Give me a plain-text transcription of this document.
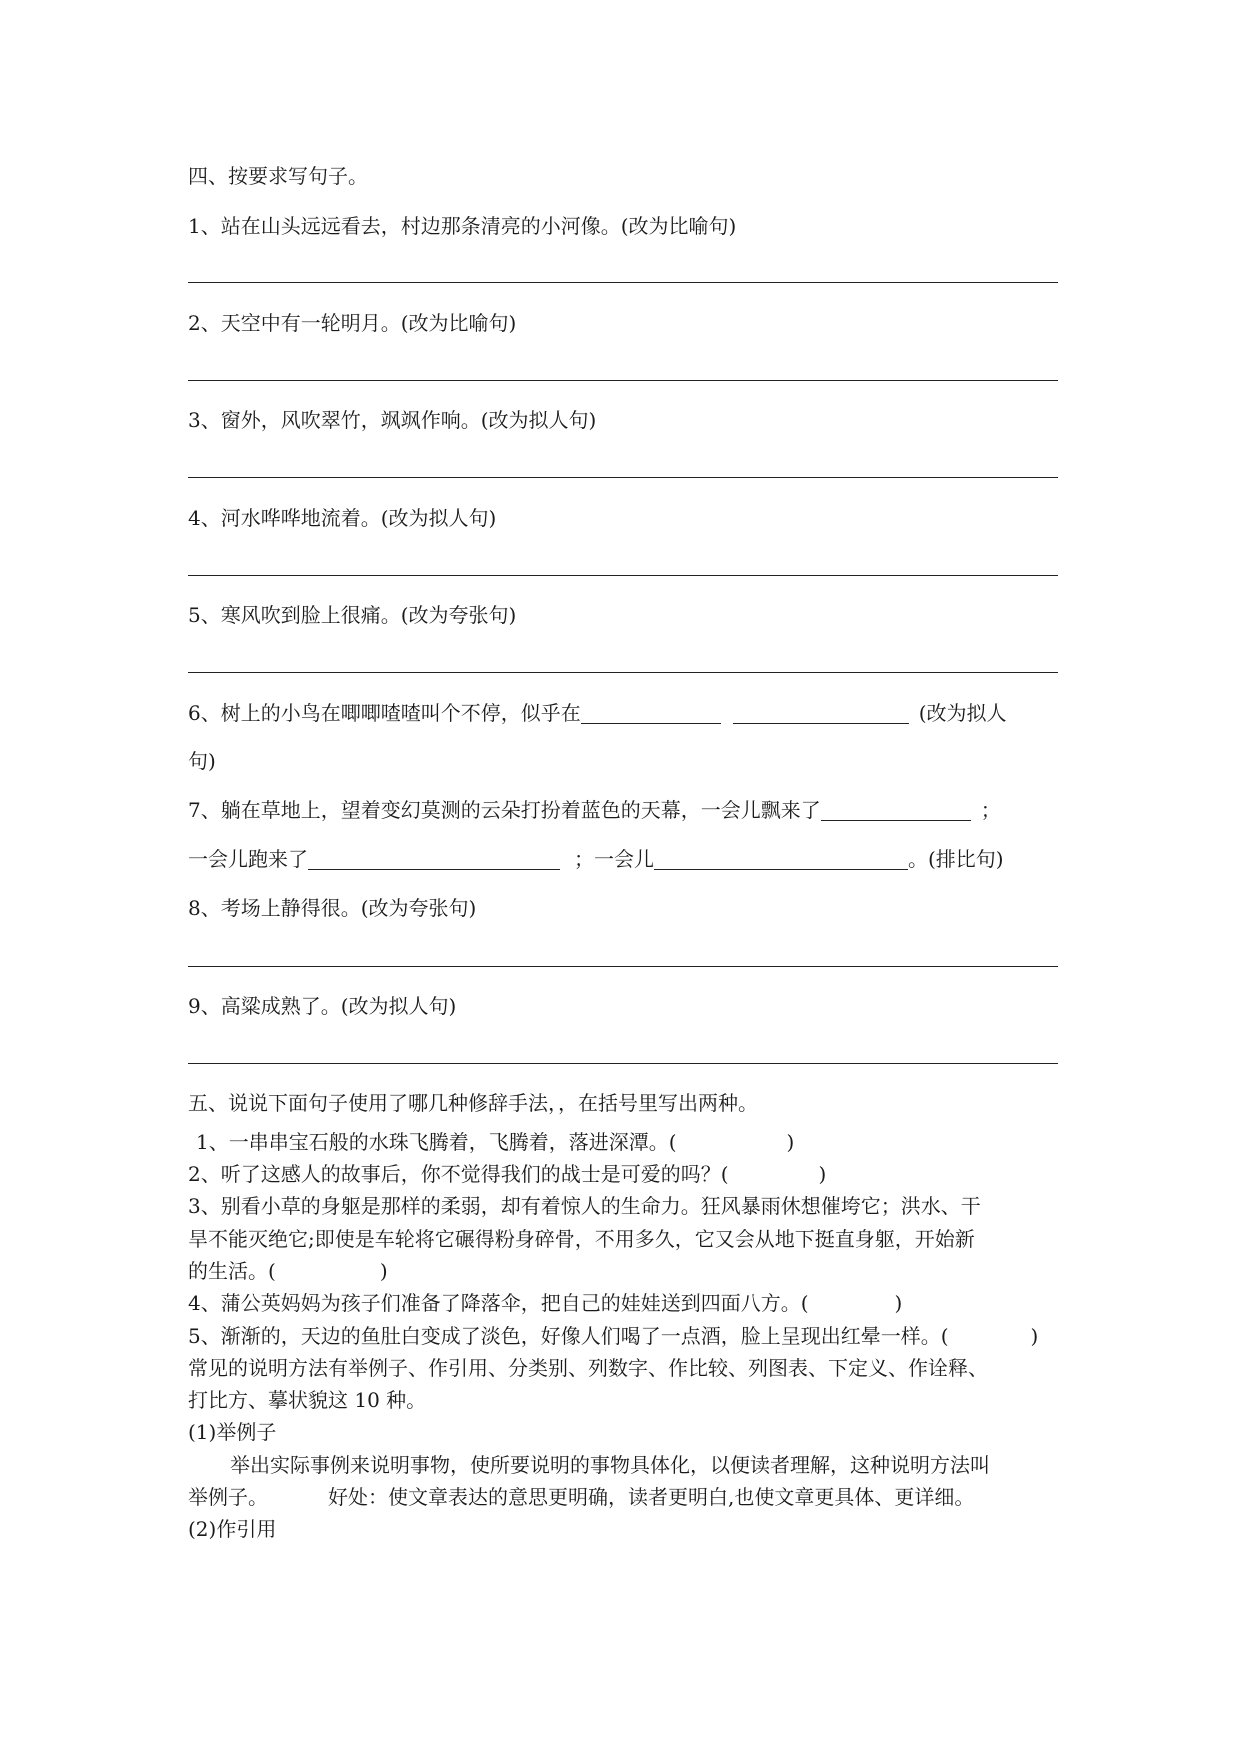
四、按要求写句子。
1、站在山头远远看去，村边那条清亮的小河像。(改为比喻句)
2、天空中有一轮明月。(改为比喻句)
3、窗外，风吹翠竹，飒飒作响。(改为拟人句)
4、河水哗哗地流着。(改为拟人句)
5、寒风吹到脸上很痛。(改为夸张句)
6、树上的小鸟在唧唧喳喳叫个不停，似乎在	(改为拟人
句)
7、躺在草地上，望着变幻莫测的云朵打扮着蓝色的天幕，一会儿飘来了	；
一会儿跑来了	；一会儿	。(排比句)
8、考场上静得很。(改为夸张句)
9、高粱成熟了。(改为拟人句)
五、说说下面句子使用了哪几种修辞手法，，在括号里写出两种。
1、一串串宝石般的水珠飞腾着，飞腾着，落进深潭。(	)
2、听了这感人的故事后，你不觉得我们的战士是可爱的吗？(	)
3、别看小草的身躯是那样的柔弱，却有着惊人的生命力。狂风暴雨休想催垮它；洪水、干
旱不能灭绝它;即使是车轮将它碾得粉身碎骨，不用多久，它又会从地下挺直身躯，开始新
的生活。(	)
4、蒲公英妈妈为孩子们准备了降落伞，把自己的娃娃送到四面八方。(	)
5、渐渐的，天边的鱼肚白变成了淡色，好像人们喝了一点酒，脸上呈现出红晕一样。(	)
常见的说明方法有举例子、作引用、分类别、列数字、作比较、列图表、下定义、作诠释、
打比方、摹状貌这 10 种。
(1)举例子
举出实际事例来说明事物，使所要说明的事物具体化，以便读者理解，这种说明方法叫
举例子。	好处：使文章表达的意思更明确，读者更明白,也使文章更具体、更详细。
(2)作引用
